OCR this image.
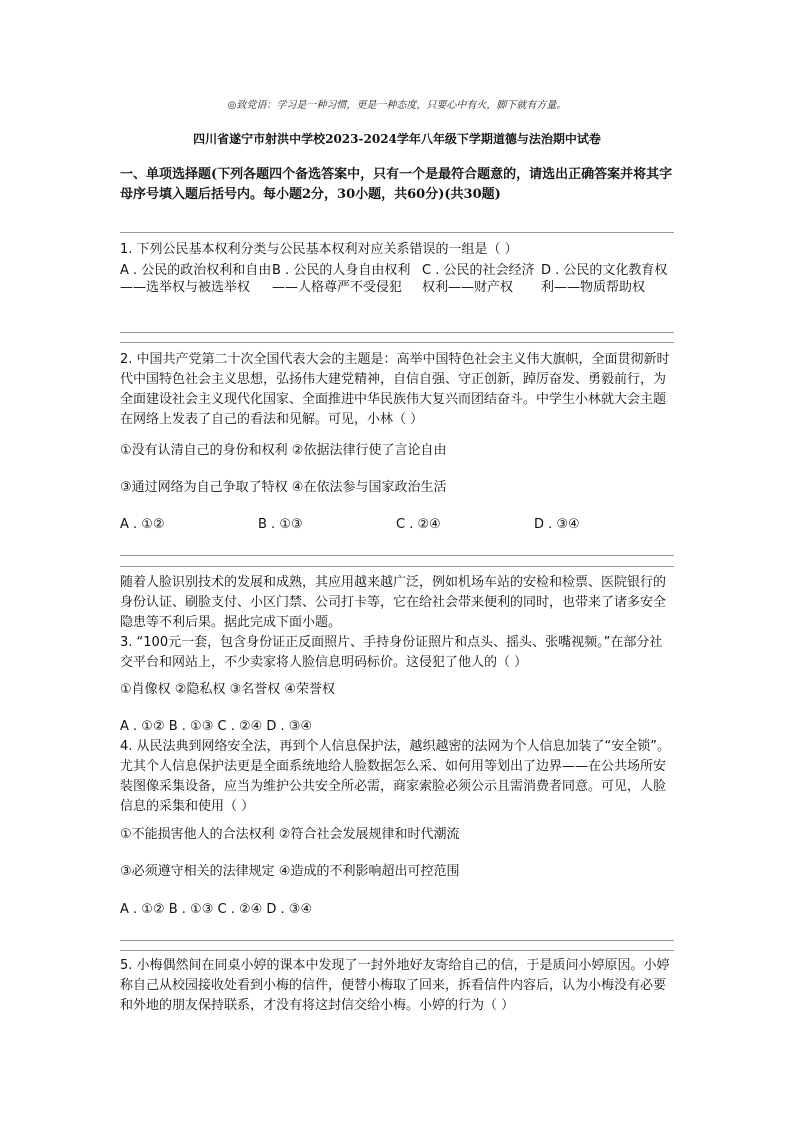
◎致党语：学习是一种习惯，更是一种态度，只要心中有火，脚下就有方量。
四川省遂宁市射洪中学校2023-2024学年八年级下学期道德与法治期中试卷
一、单项选择题(下列各题四个备选答案中，只有一个是最符合题意的，请选出正确答案并将其字母序号填入题后括号内。每小题2分，30小题，共60分)(共30题)

1. 下列公民基本权利分类与公民基本权利对应关系错误的一组是（ ）

A . 公民的政治权利和自由——选举权与被选举权
B . 公民的人身自由权利——人格尊严不受侵犯
C . 公民的社会经济权利——财产权
D . 公民的文化教育权利——物质帮助权

2. 中国共产党第二十次全国代表大会的主题是：高举中国特色社会主义伟大旗帜，全面贯彻新时代中国特色社会主义思想，弘扬伟大建党精神，自信自强、守正创新，踔厉奋发、勇毅前行，为全面建设社会主义现代化国家、全面推进中华民族伟大复兴而团结奋斗。中学生小林就大会主题在网络上发表了自己的看法和见解。可见，小林（ ）

①没有认清自己的身份和权利 ②依据法律行使了言论自由
③通过网络为自己争取了特权 ④在依法参与国家政治生活
A . ①②	B . ①③	C . ②④	D . ③④

随着人脸识别技术的发展和成熟，其应用越来越广泛，例如机场车站的安检和检票、医院银行的身份认证、刷脸支付、小区门禁、公司打卡等，它在给社会带来便利的同时，也带来了诸多安全隐患等不利后果。据此完成下面小题。

3. “100元一套，包含身份证正反面照片、手持身份证照片和点头、摇头、张嘴视频。”在部分社交平台和网站上，不少卖家将人脸信息明码标价。这侵犯了他人的（ ）

①肖像权 ②隐私权 ③名誉权 ④荣誉权
A . ①② B . ①③ C . ②④ D . ③④

4. 从民法典到网络安全法，再到个人信息保护法，越织越密的法网为个人信息加装了“安全锁”。尤其个人信息保护法更是全面系统地给人脸数据怎么采、如何用等划出了边界——在公共场所安装图像采集设备，应当为维护公共安全所必需，商家索脸必须公示且需消费者同意。可见，人脸信息的采集和使用（ ）

①不能损害他人的合法权利 ②符合社会发展规律和时代潮流
③必须遵守相关的法律规定 ④造成的不利影响超出可控范围
A . ①② B . ①③ C . ②④ D . ③④

5. 小梅偶然间在同桌小婷的课本中发现了一封外地好友寄给自己的信，于是质问小婷原因。小婷称自己从校园接收处看到小梅的信件，便替小梅取了回来，拆看信件内容后，认为小梅没有必要和外地的朋友保持联系，才没有将这封信交给小梅。小婷的行为（ ）
